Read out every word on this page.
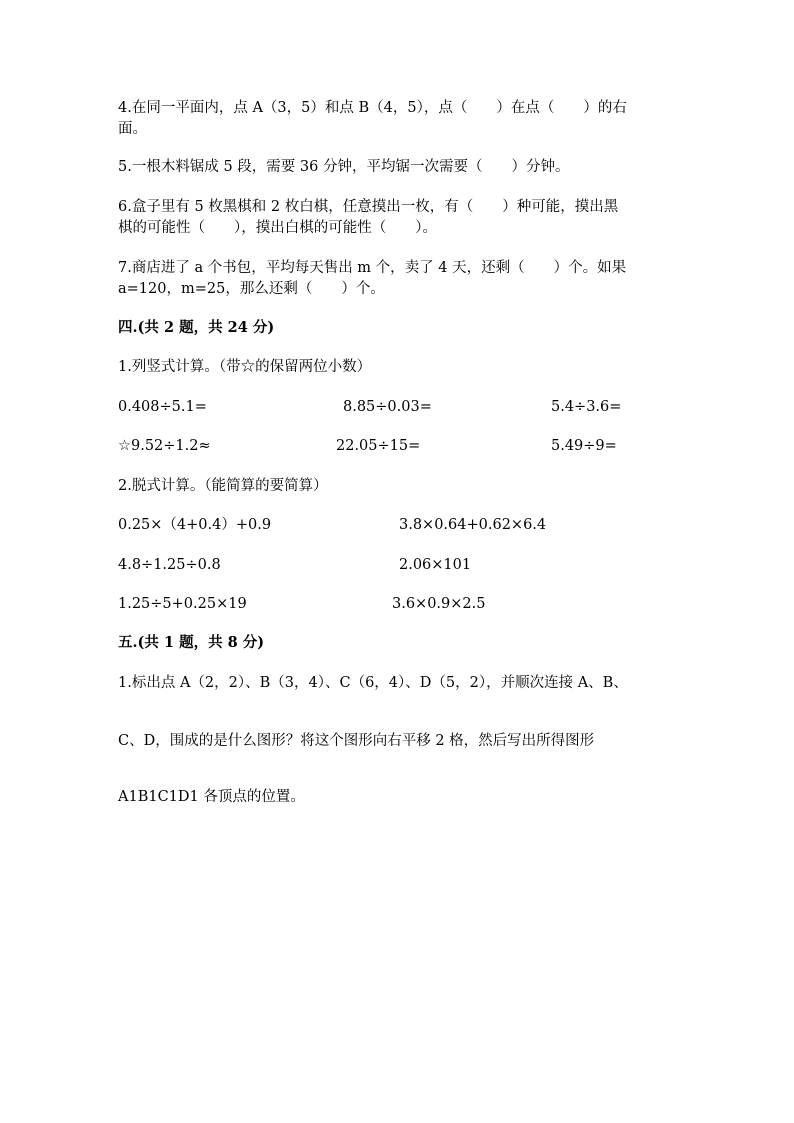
4.在同一平面内，点 A（3，5）和点 B（4，5），点（　　）在点（　　）的右
面。
5.一根木料锯成 5 段，需要 36 分钟，平均锯一次需要（　　）分钟。
6.盒子里有 5 枚黑棋和 2 枚白棋，任意摸出一枚，有（　　）种可能，摸出黑
棋的可能性（　　），摸出白棋的可能性（　　）。
7.商店进了 a 个书包，平均每天售出 m 个，卖了 4 天，还剩（　　）个。如果
a=120，m=25，那么还剩（　　）个。
四.(共 2 题，共 24 分)
1.列竖式计算。（带☆的保留两位小数）
0.408÷5.1=	8.85÷0.03=	5.4÷3.6=
☆9.52÷1.2≈	22.05÷15=	5.49÷9=
2.脱式计算。（能简算的要简算）
0.25×（4+0.4）+0.9	3.8×0.64+0.62×6.4
4.8÷1.25÷0.8	2.06×101
1.25÷5+0.25×19	3.6×0.9×2.5
五.(共 1 题，共 8 分)
1.标出点 A（2，2）、B（3，4）、C（6，4）、D（5，2），并顺次连接 A、B、
C、D，围成的是什么图形？将这个图形向右平移 2 格，然后写出所得图形
A1B1C1D1 各顶点的位置。
